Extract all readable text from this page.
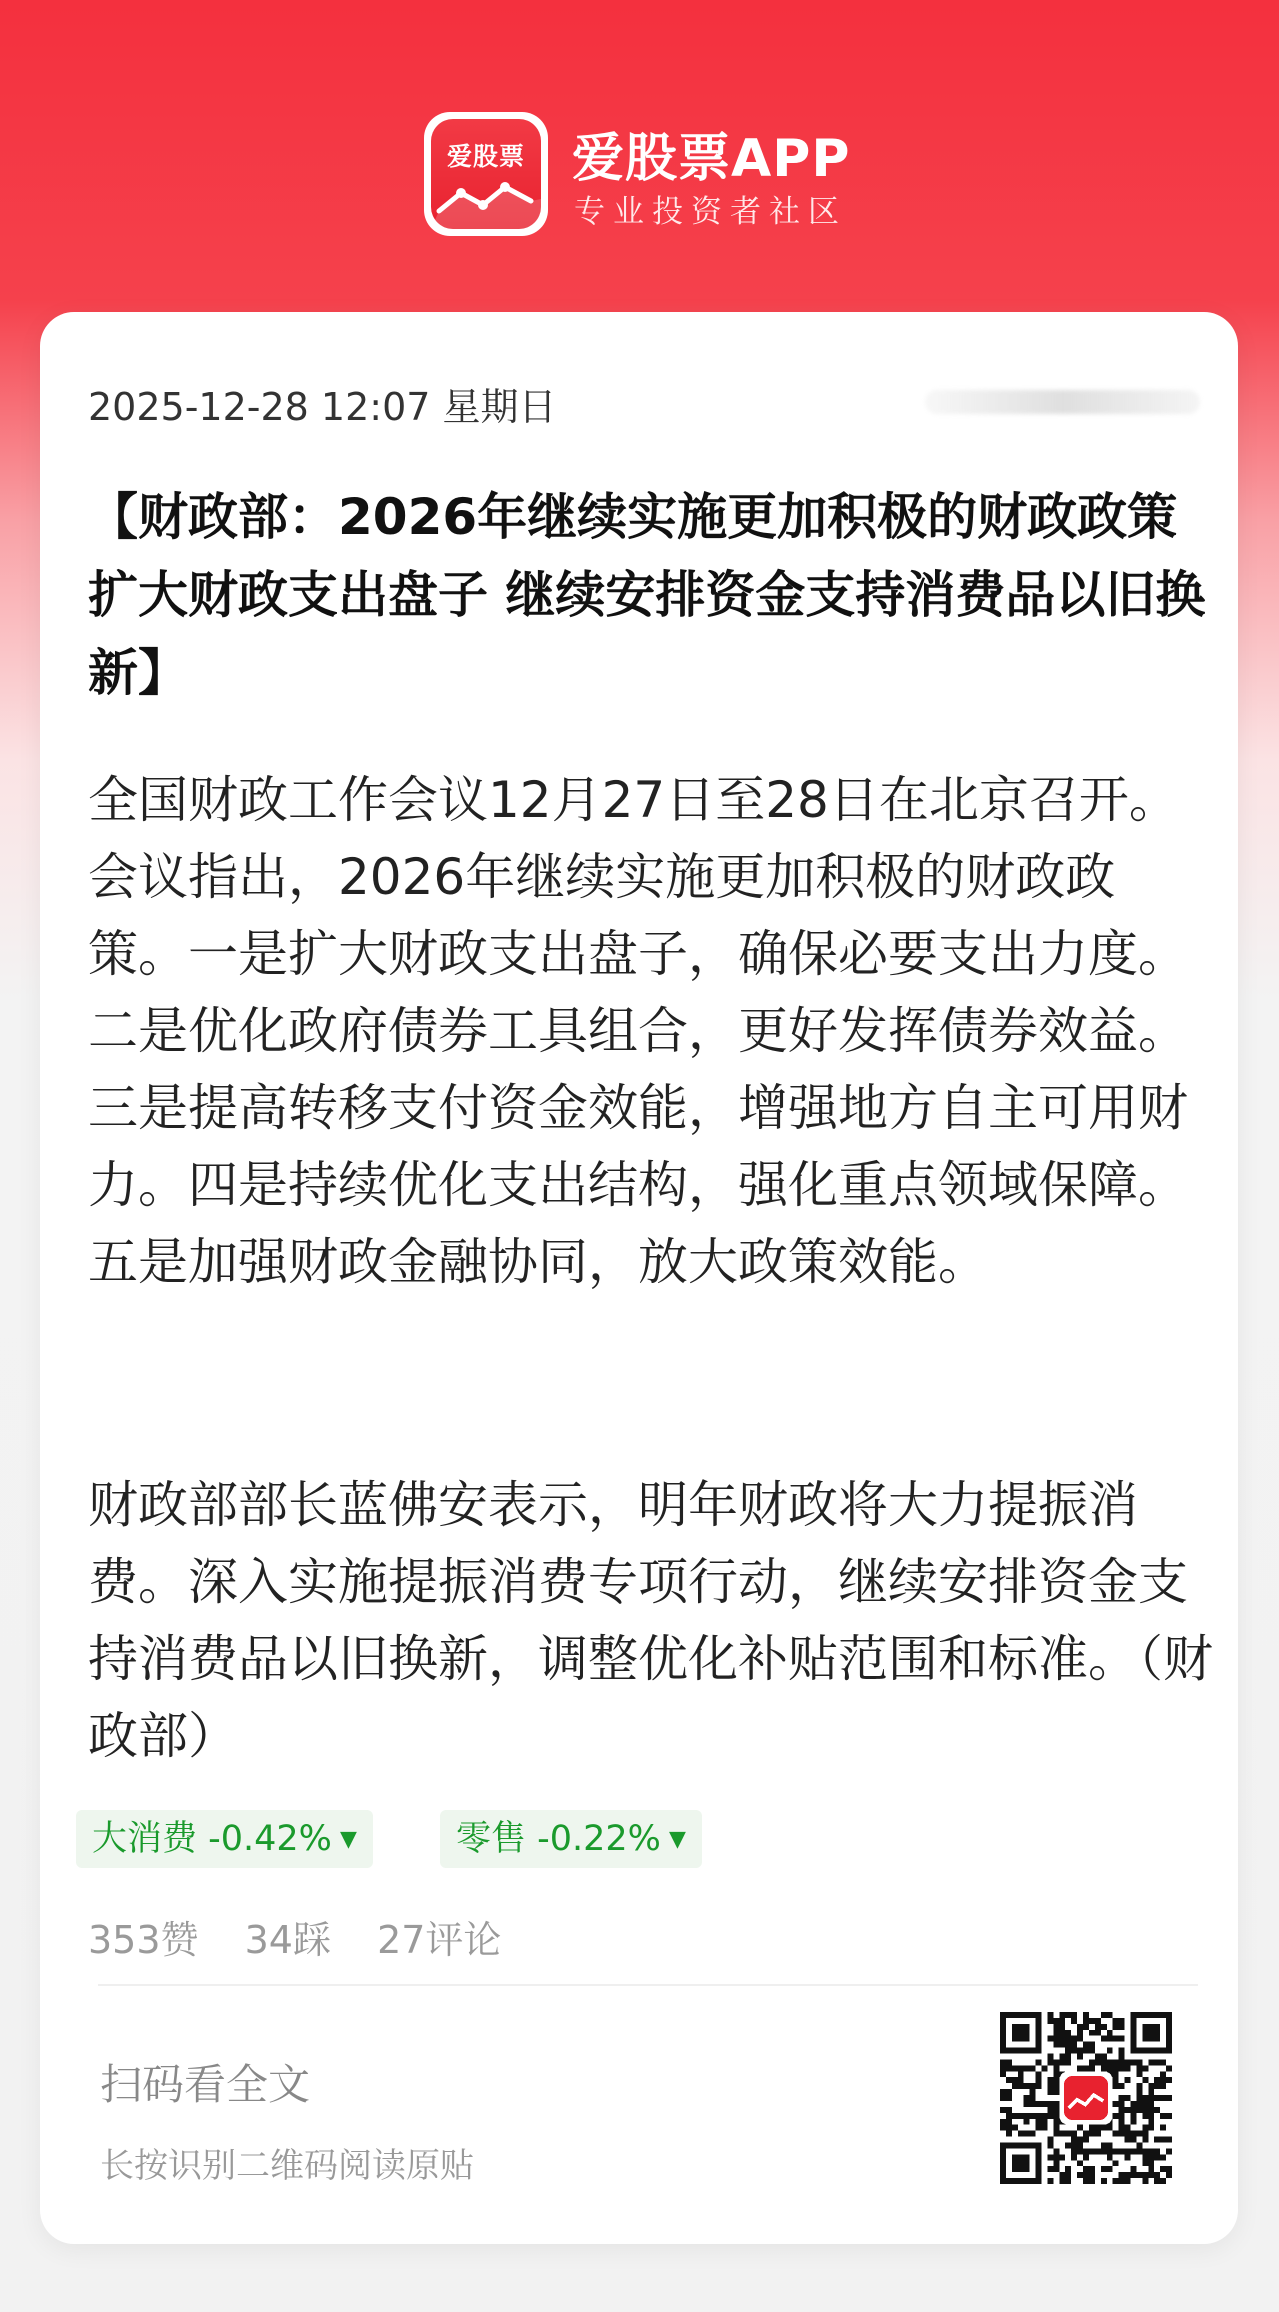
爱股票 爱股票APP
专业投资者社区
2025-12-28 12:07 星期日
【财政部：2026年继续实施更加积极的财政政策 扩大财政支出盘子 继续安排资金支持消费品以旧换新】
全国财政工作会议12月27日至28日在北京召开。会议指出，2026年继续实施更加积极的财政政策。一是扩大财政支出盘子，确保必要支出力度。二是优化政府债券工具组合，更好发挥债券效益。三是提高转移支付资金效能，增强地方自主可用财力。四是持续优化支出结构，强化重点领域保障。五是加强财政金融协同，放大政策效能。
财政部部长蓝佛安表示，明年财政将大力提振消费。深入实施提振消费专项行动，继续安排资金支持消费品以旧换新，调整优化补贴范围和标准。（财政部）
大消费 -0.42% ▼	零售 -0.22% ▼
353赞 34踩 27评论
扫码看全文
长按识别二维码阅读原贴
